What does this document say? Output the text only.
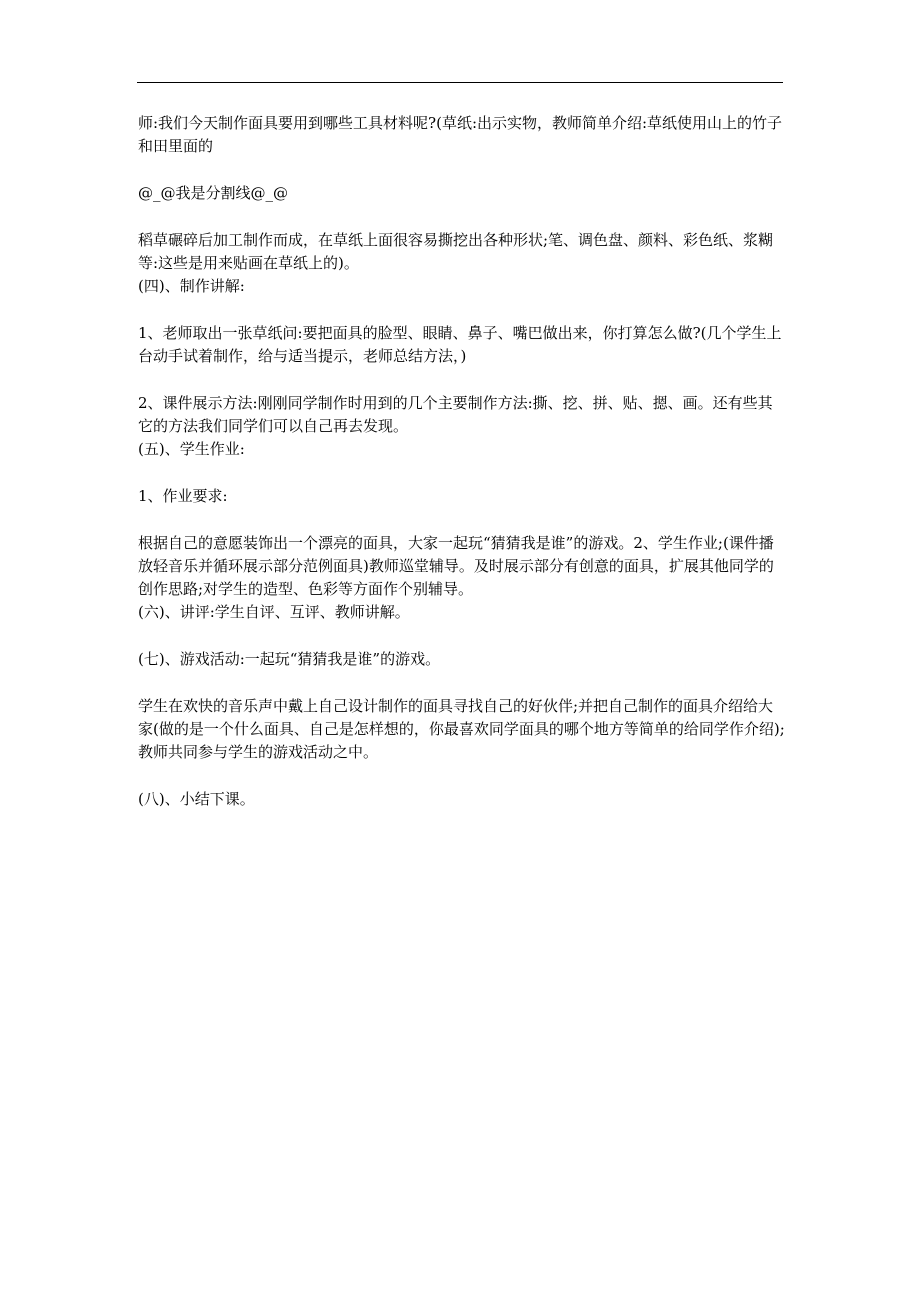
师:我们今天制作面具要用到哪些工具材料呢?(草纸:出示实物，教师简单介绍:草纸使用山上的竹子和田里面的

@_@我是分割线@_@

稻草碾碎后加工制作而成，在草纸上面很容易撕挖出各种形状;笔、调色盘、颜料、彩色纸、浆糊等:这些是用来贴画在草纸上的)。

(四)、制作讲解:

1、老师取出一张草纸问:要把面具的脸型、眼睛、鼻子、嘴巴做出来，你打算怎么做?(几个学生上台动手试着制作，给与适当提示，老师总结方法，)

2、课件展示方法:刚刚同学制作时用到的几个主要制作方法:撕、挖、拼、贴、摁、画。还有些其它的方法我们同学们可以自己再去发现。

(五)、学生作业:

1、作业要求:

根据自己的意愿装饰出一个漂亮的面具，大家一起玩“猜猜我是谁”的游戏。2、学生作业;(课件播放轻音乐并循环展示部分范例面具)教师巡堂辅导。及时展示部分有创意的面具，扩展其他同学的创作思路;对学生的造型、色彩等方面作个别辅导。

(六)、讲评:学生自评、互评、教师讲解。

(七)、游戏活动:一起玩“猜猜我是谁”的游戏。

学生在欢快的音乐声中戴上自己设计制作的面具寻找自己的好伙伴;并把自己制作的面具介绍给大家(做的是一个什么面具、自己是怎样想的，你最喜欢同学面具的哪个地方等简单的给同学作介绍);教师共同参与学生的游戏活动之中。

(八)、小结下课。
